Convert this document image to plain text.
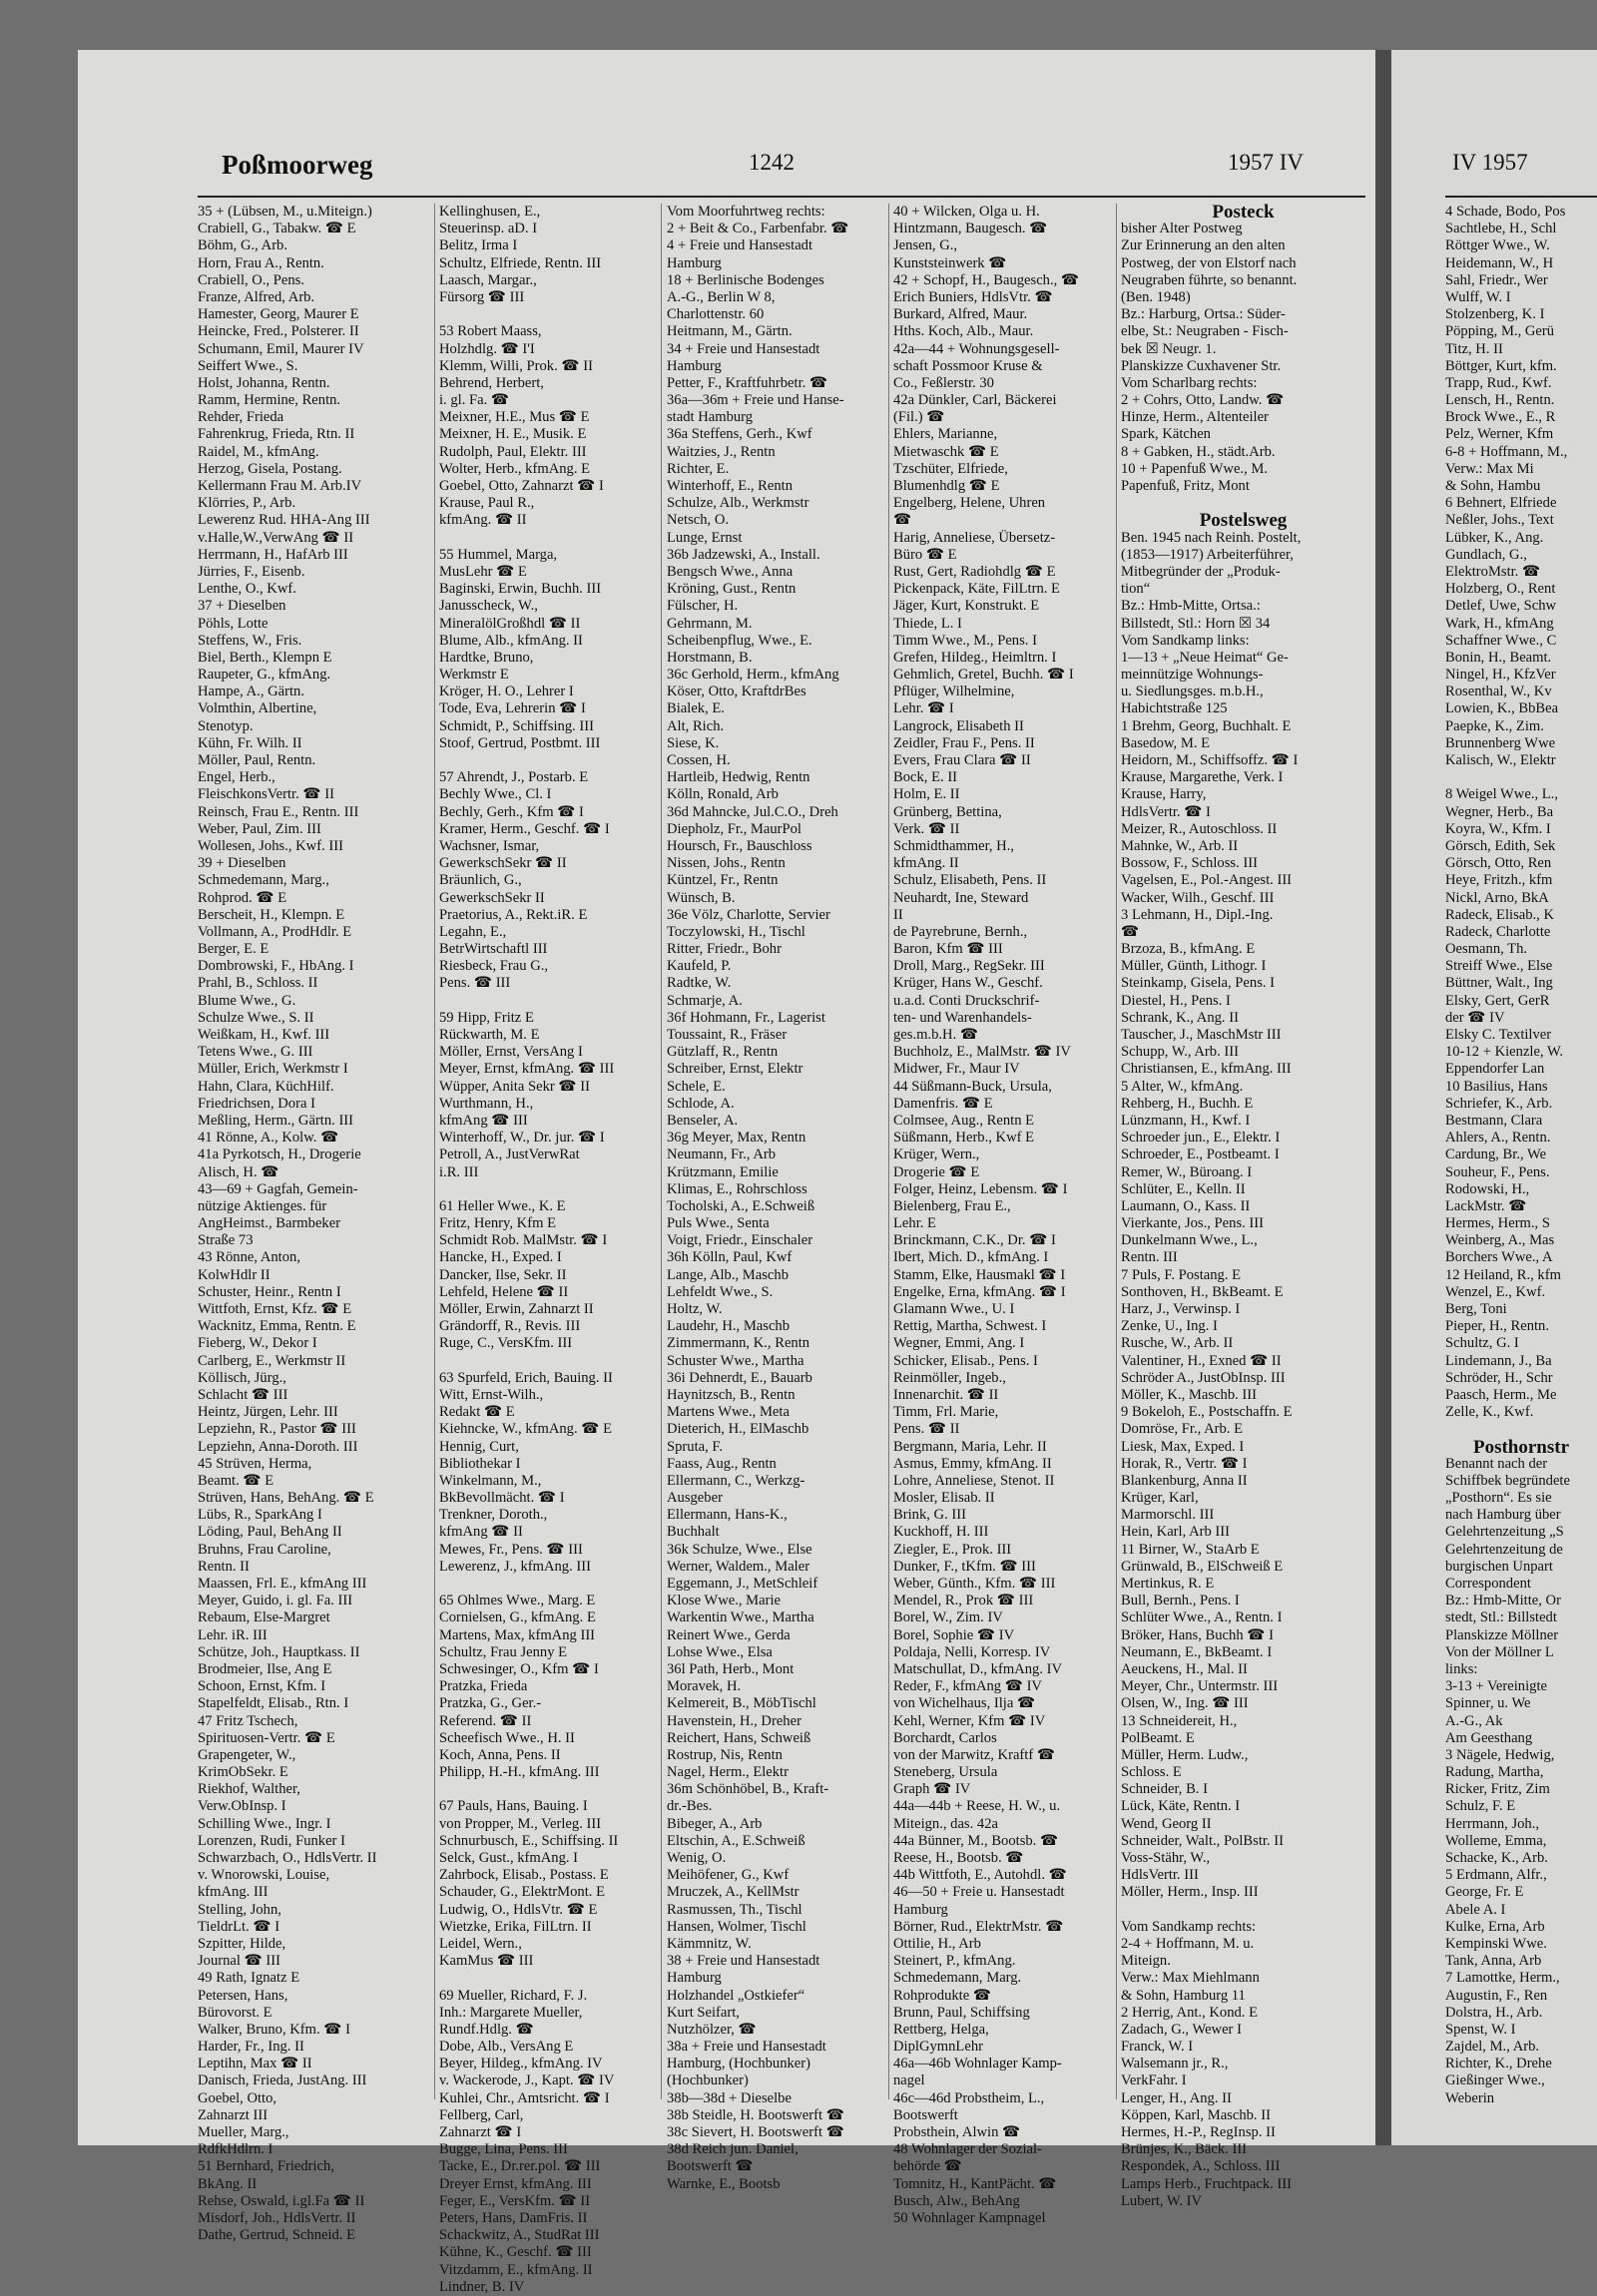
Poßmoorweg	1242	1957 IV	IV 1957
35 + (Lübsen, M., u.Miteign.)
Crabiell, G., Tabakw. ☎ E
Böhm, G., Arb.
Horn, Frau A., Rentn.
Crabiell, O., Pens.
Franze, Alfred, Arb.
Hamester, Georg, Maurer E
Heincke, Fred., Polsterer. II
Schumann, Emil, Maurer IV
Seiffert Wwe., S.
Holst, Johanna, Rentn.
Ramm, Hermine, Rentn.
Rehder, Frieda
Fahrenkrug, Frieda, Rtn. II
Raidel, M., kfmAng.
Herzog, Gisela, Postang.
Kellermann Frau M. Arb.IV
Klörries, P., Arb.
Lewerenz Rud. HHA-Ang III
v.Halle,W.,VerwAng ☎ II
Herrmann, H., HafArb III
Jürries, F., Eisenb.
Lenthe, O., Kwf.
37 + Dieselben
Pöhls, Lotte
Steffens, W., Fris.
Biel, Berth., Klempn E
Raupeter, G., kfmAng.
Hampe, A., Gärtn.
Volmthin, Albertine,
Stenotyp.
Kühn, Fr. Wilh. II
Möller, Paul, Rentn.
Engel, Herb.,
FleischkonsVertr. ☎ II
Reinsch, Frau E., Rentn. III
Weber, Paul, Zim. III
Wollesen, Johs., Kwf. III
39 + Dieselben
Schmedemann, Marg.,
Rohprod. ☎ E
Berscheit, H., Klempn. E
Vollmann, A., ProdHdlr. E
Berger, E. E
Dombrowski, F., HbAng. I
Prahl, B., Schloss. II
Blume Wwe., G.
Schulze Wwe., S. II
Weißkam, H., Kwf. III
Tetens Wwe., G. III
Müller, Erich, Werkmstr I
Hahn, Clara, KüchHilf.
Friedrichsen, Dora I
Meßling, Herm., Gärtn. III
41 Rönne, A., Kolw. ☎
41a Pyrkotsch, H., Drogerie
Alisch, H. ☎
43—69 + Gagfah, Gemein-
nützige Aktienges. für
AngHeimst., Barmbeker
Straße 73
43 Rönne, Anton,
KolwHdlr II
Schuster, Heinr., Rentn I
Wittfoth, Ernst, Kfz. ☎ E
Wacknitz, Emma, Rentn. E
Fieberg, W., Dekor I
Carlberg, E., Werkmstr II
Köllisch, Jürg.,
Schlacht ☎ III
Heintz, Jürgen, Lehr. III
Lepziehn, R., Pastor ☎ III
Lepziehn, Anna-Doroth. III
45 Strüven, Herma,
Beamt. ☎ E
Strüven, Hans, BehAng. ☎ E
Lübs, R., SparkAng I
Löding, Paul, BehAng II
Bruhns, Frau Caroline,
Rentn. II
Maassen, Frl. E., kfmAng III
Meyer, Guido, i. gl. Fa. III
Rebaum, Else-Margret
Lehr. iR. III
Schütze, Joh., Hauptkass. II
Brodmeier, Ilse, Ang E
Schoon, Ernst, Kfm. I
Stapelfeldt, Elisab., Rtn. I
47 Fritz Tschech,
Spirituosen-Vertr. ☎ E
Grapengeter, W.,
KrimObSekr. E
Riekhof, Walther,
Verw.ObInsp. I
Schilling Wwe., Ingr. I
Lorenzen, Rudi, Funker I
Schwarzbach, O., HdlsVertr. II
v. Wnorowski, Louise,
kfmAng. III
Stelling, John,
TieldrLt. ☎ I
Szpitter, Hilde,
Journal ☎ III
49 Rath, Ignatz E
Petersen, Hans,
Bürovorst. E
Walker, Bruno, Kfm. ☎ I
Harder, Fr., Ing. II
Leptihn, Max ☎ II
Danisch, Frieda, JustAng. III
Goebel, Otto,
Zahnarzt III
Mueller, Marg.,
RdfkHdlrn. I
51 Bernhard, Friedrich,
BkAng. II
Rehse, Oswald, i.gl.Fa ☎ II
Misdorf, Joh., HdlsVertr. II
Dathe, Gertrud, Schneid. E
Kellinghusen, E.,
Steuerinsp. aD. I
Belitz, Irma I
Schultz, Elfriede, Rentn. III
Laasch, Margar.,
Fürsorg ☎ III
53 Robert Maass,
Holzhdlg. ☎ I'I
Klemm, Willi, Prok. ☎ II
Behrend, Herbert,
i. gl. Fa. ☎
Meixner, H.E., Mus ☎ E
Meixner, H. E., Musik. E
Rudolph, Paul, Elektr. III
Wolter, Herb., kfmAng. E
Goebel, Otto, Zahnarzt ☎ I
Krause, Paul R.,
kfmAng. ☎ II
55 Hummel, Marga,
MusLehr ☎ E
Baginski, Erwin, Buchh. III
Janusscheck, W.,
MineralölGroßhdl ☎ II
Blume, Alb., kfmAng. II
Hardtke, Bruno,
Werkmstr E
Kröger, H. O., Lehrer I
Tode, Eva, Lehrerin ☎ I
Schmidt, P., Schiffsing. III
Stoof, Gertrud, Postbmt. III
57 Ahrendt, J., Postarb. E
Bechly Wwe., Cl. I
Bechly, Gerh., Kfm ☎ I
Kramer, Herm., Geschf. ☎ I
Wachsner, Ismar,
GewerkschSekr ☎ II
Bräunlich, G.,
GewerkschSekr II
Praetorius, A., Rekt.iR. E
Legahn, E.,
BetrWirtschaftl III
Riesbeck, Frau G.,
Pens. ☎ III
59 Hipp, Fritz E
Rückwarth, M. E
Möller, Ernst, VersAng I
Meyer, Ernst, kfmAng. ☎ III
Wüpper, Anita Sekr ☎ II
Wurthmann, H.,
kfmAng ☎ III
Winterhoff, W., Dr. jur. ☎ I
Petroll, A., JustVerwRat
i.R. III
61 Heller Wwe., K. E
Fritz, Henry, Kfm E
Schmidt Rob. MalMstr. ☎ I
Hancke, H., Exped. I
Dancker, Ilse, Sekr. II
Lehfeld, Helene ☎ II
Möller, Erwin, Zahnarzt II
Grändorff, R., Revis. III
Ruge, C., VersKfm. III
63 Spurfeld, Erich, Bauing. II
Witt, Ernst-Wilh.,
Redakt ☎ E
Kiehncke, W., kfmAng. ☎ E
Hennig, Curt,
Bibliothekar I
Winkelmann, M.,
BkBevollmächt. ☎ I
Trenkner, Doroth.,
kfmAng ☎ II
Mewes, Fr., Pens. ☎ III
Lewerenz, J., kfmAng. III
65 Ohlmes Wwe., Marg. E
Cornielsen, G., kfmAng. E
Martens, Max, kfmAng III
Schultz, Frau Jenny E
Schwesinger, O., Kfm ☎ I
Pratzka, Frieda
Pratzka, G., Ger.-
Referend. ☎ II
Scheefisch Wwe., H. II
Koch, Anna, Pens. II
Philipp, H.-H., kfmAng. III
67 Pauls, Hans, Bauing. I
von Propper, M., Verleg. III
Schnurbusch, E., Schiffsing. II
Selck, Gust., kfmAng. I
Zahrbock, Elisab., Postass. E
Schauder, G., ElektrMont. E
Ludwig, O., HdlsVtr. ☎ E
Wietzke, Erika, FilLtrn. II
Leidel, Wern.,
KamMus ☎ III
69 Mueller, Richard, F. J.
Inh.: Margarete Mueller,
Rundf.Hdlg. ☎
Dobe, Alb., VersAng E
Beyer, Hildeg., kfmAng. IV
v. Wackerode, J., Kapt. ☎ IV
Kuhlei, Chr., Amtsricht. ☎ I
Fellberg, Carl,
Zahnarzt ☎ I
Bugge, Lina, Pens. III
Tacke, E., Dr.rer.pol. ☎ III
Dreyer Ernst, kfmAng. III
Feger, E., VersKfm. ☎ II
Peters, Hans, DamFris. II
Schackwitz, A., StudRat III
Kühne, K., Geschf. ☎ III
Vitzdamm, E., kfmAng. II
Lindner, B. IV
Vom Moorfuhrtweg rechts:
2 + Beit & Co., Farbenfabr. ☎
4 + Freie und Hansestadt
Hamburg
18 + Berlinische Bodenges
A.-G., Berlin W 8,
Charlottenstr. 60
Heitmann, M., Gärtn.
34 + Freie und Hansestadt
Hamburg
Petter, F., Kraftfuhrbetr. ☎
36a—36m + Freie und Hanse-
stadt Hamburg
36a Steffens, Gerh., Kwf
Waitzies, J., Rentn
Richter, E.
Winterhoff, E., Rentn
Schulze, Alb., Werkmstr
Netsch, O.
Lunge, Ernst
36b Jadzewski, A., Install.
Bengsch Wwe., Anna
Kröning, Gust., Rentn
Fülscher, H.
Gehrmann, M.
Scheibenpflug, Wwe., E.
Horstmann, B.
36c Gerhold, Herm., kfmAng
Köser, Otto, KraftdrBes
Bialek, E.
Alt, Rich.
Siese, K.
Cossen, H.
Hartleib, Hedwig, Rentn
Kölln, Ronald, Arb
36d Mahncke, Jul.C.O., Dreh
Diepholz, Fr., MaurPol
Hoursch, Fr., Bauschloss
Nissen, Johs., Rentn
Küntzel, Fr., Rentn
Wünsch, B.
36e Völz, Charlotte, Servier
Toczylowski, H., Tischl
Ritter, Friedr., Bohr
Kaufeld, P.
Radtke, W.
Schmarje, A.
36f Hohmann, Fr., Lagerist
Toussaint, R., Fräser
Gützlaff, R., Rentn
Schreiber, Ernst, Elektr
Schele, E.
Schlode, A.
Benseler, A.
36g Meyer, Max, Rentn
Neumann, Fr., Arb
Krützmann, Emilie
Klimas, E., Rohrschloss
Tocholski, A., E.Schweiß
Puls Wwe., Senta
Voigt, Friedr., Einschaler
36h Kölln, Paul, Kwf
Lange, Alb., Maschb
Lehfeldt Wwe., S.
Holtz, W.
Laudehr, H., Maschb
Zimmermann, K., Rentn
Schuster Wwe., Martha
36i Dehnerdt, E., Bauarb
Haynitzsch, B., Rentn
Martens Wwe., Meta
Dieterich, H., ElMaschb
Spruta, F.
Faass, Aug., Rentn
Ellermann, C., Werkzg-
Ausgeber
Ellermann, Hans-K.,
Buchhalt
36k Schulze, Wwe., Else
Werner, Waldem., Maler
Eggemann, J., MetSchleif
Klose Wwe., Marie
Warkentin Wwe., Martha
Reinert Wwe., Gerda
Lohse Wwe., Elsa
36l Path, Herb., Mont
Moravek, H.
Kelmereit, B., MöbTischl
Havenstein, H., Dreher
Reichert, Hans, Schweiß
Rostrup, Nis, Rentn
Nagel, Herm., Elektr
36m Schönhöbel, B., Kraft-
dr.-Bes.
Bibeger, A., Arb
Eltschin, A., E.Schweiß
Wenig, O.
Meihöfener, G., Kwf
Mruczek, A., KellMstr
Rasmussen, Th., Tischl
Hansen, Wolmer, Tischl
Kämmnitz, W.
38 + Freie und Hansestadt
Hamburg
Holzhandel „Ostkiefer“
Kurt Seifart,
Nutzhölzer, ☎
38a + Freie und Hansestadt
Hamburg, (Hochbunker)
(Hochbunker)
38b—38d + Dieselbe
38b Steidle, H. Bootswerft ☎
38c Sievert, H. Bootswerft ☎
38d Reich jun. Daniel,
Bootswerft ☎
Warnke, E., Bootsb
40 + Wilcken, Olga u. H.
Hintzmann, Baugesch. ☎
Jensen, G.,
Kunststeinwerk ☎
42 + Schopf, H., Baugesch., ☎
Erich Buniers, HdlsVtr. ☎
Burkard, Alfred, Maur.
Hths. Koch, Alb., Maur.
42a—44 + Wohnungsgesell-
schaft Possmoor Kruse &
Co., Feßlerstr. 30
42a Dünkler, Carl, Bäckerei
(Fil.) ☎
Ehlers, Marianne,
Mietwaschk ☎ E
Tzschüter, Elfriede,
Blumenhdlg ☎ E
Engelberg, Helene, Uhren
☎
Harig, Anneliese, Übersetz-
Büro ☎ E
Rust, Gert, Radiohdlg ☎ E
Pickenpack, Käte, FilLtrn. E
Jäger, Kurt, Konstrukt. E
Thiede, L. I
Timm Wwe., M., Pens. I
Grefen, Hildeg., Heimltrn. I
Gehmlich, Gretel, Buchh. ☎ I
Pflüger, Wilhelmine,
Lehr. ☎ I
Langrock, Elisabeth II
Zeidler, Frau F., Pens. II
Evers, Frau Clara ☎ II
Bock, E. II
Holm, E. II
Grünberg, Bettina,
Verk. ☎ II
Schmidthammer, H.,
kfmAng. II
Schulz, Elisabeth, Pens. II
Neuhardt, Ine, Steward
II
de Payrebrune, Bernh.,
Baron, Kfm ☎ III
Droll, Marg., RegSekr. III
Krüger, Hans W., Geschf.
u.a.d. Conti Druckschrif-
ten- und Warenhandels-
ges.m.b.H. ☎
Buchholz, E., MalMstr. ☎ IV
Midwer, Fr., Maur IV
44 Süßmann-Buck, Ursula,
Damenfris. ☎ E
Colmsee, Aug., Rentn E
Süßmann, Herb., Kwf E
Krüger, Wern.,
Drogerie ☎ E
Folger, Heinz, Lebensm. ☎ I
Bielenberg, Frau E.,
Lehr. E
Brinckmann, C.K., Dr. ☎ I
Ibert, Mich. D., kfmAng. I
Stamm, Elke, Hausmakl ☎ I
Engelke, Erna, kfmAng. ☎ I
Glamann Wwe., U. I
Rettig, Martha, Schwest. I
Wegner, Emmi, Ang. I
Schicker, Elisab., Pens. I
Reinmöller, Ingeb.,
Innenarchit. ☎ II
Timm, Frl. Marie,
Pens. ☎ II
Bergmann, Maria, Lehr. II
Asmus, Emmy, kfmAng. II
Lohre, Anneliese, Stenot. II
Mosler, Elisab. II
Brink, G. III
Kuckhoff, H. III
Ziegler, E., Prok. III
Dunker, F., tKfm. ☎ III
Weber, Günth., Kfm. ☎ III
Mendel, R., Prok ☎ III
Borel, W., Zim. IV
Borel, Sophie ☎ IV
Poldaja, Nelli, Korresp. IV
Matschullat, D., kfmAng. IV
Reder, F., kfmAng ☎ IV
von Wichelhaus, Ilja ☎
Kehl, Werner, Kfm ☎ IV
Borchardt, Carlos
von der Marwitz, Kraftf ☎
Steneberg, Ursula
Graph ☎ IV
44a—44b + Reese, H. W., u.
Miteign., das. 42a
44a Bünner, M., Bootsb. ☎
Reese, H., Bootsb. ☎
44b Wittfoth, E., Autohdl. ☎
46—50 + Freie u. Hansestadt
Hamburg
Börner, Rud., ElektrMstr. ☎
Ottilie, H., Arb
Steinert, P., kfmAng.
Schmedemann, Marg.
Rohprodukte ☎
Brunn, Paul, Schiffsing
Rettberg, Helga,
DiplGymnLehr
46a—46b Wohnlager Kamp-
nagel
46c—46d Probstheim, L.,
Bootswerft
Probsthein, Alwin ☎
48 Wohnlager der Sozial-
behörde ☎
Tomnitz, H., KantPächt. ☎
Busch, Alw., BehAng
50 Wohnlager Kampnagel
Posteck
bisher Alter Postweg
Zur Erinnerung an den alten
Postweg, der von Elstorf nach
Neugraben führte, so benannt.
(Ben. 1948)
Bz.: Harburg, Ortsa.: Süder-
elbe, St.: Neugraben - Fisch-
bek ☒ Neugr. 1.
Planskizze Cuxhavener Str.
Vom Scharlbarg rechts:
2 + Cohrs, Otto, Landw. ☎
Hinze, Herm., Altenteiler
Spark, Kätchen
8 + Gabken, H., städt.Arb.
10 + Papenfuß Wwe., M.
Papenfuß, Fritz, Mont
Postelsweg
Ben. 1945 nach Reinh. Postelt,
(1853—1917) Arbeiterführer,
Mitbegründer der „Produk-
tion“
Bz.: Hmb-Mitte, Ortsa.:
Billstedt, Stl.: Horn ☒ 34
Vom Sandkamp links:
1—13 + „Neue Heimat“ Ge-
meinnützige Wohnungs-
u. Siedlungsges. m.b.H.,
Habichtstraße 125
1 Brehm, Georg, Buchhalt. E
Basedow, M. E
Heidorn, M., Schiffsoffz. ☎ I
Krause, Margarethe, Verk. I
Krause, Harry,
HdlsVertr. ☎ I
Meizer, R., Autoschloss. II
Mahnke, W., Arb. II
Bossow, F., Schloss. III
Vagelsen, E., Pol.-Angest. III
Wacker, Wilh., Geschf. III
3 Lehmann, H., Dipl.-Ing.
☎
Brzoza, B., kfmAng. E
Müller, Günth, Lithogr. I
Steinkamp, Gisela, Pens. I
Diestel, H., Pens. I
Schrank, K., Ang. II
Tauscher, J., MaschMstr III
Schupp, W., Arb. III
Christiansen, E., kfmAng. III
5 Alter, W., kfmAng.
Rehberg, H., Buchh. E
Lünzmann, H., Kwf. I
Schroeder jun., E., Elektr. I
Schroeder, E., Postbeamt. I
Remer, W., Büroang. I
Schlüter, E., Kelln. II
Laumann, O., Kass. II
Vierkante, Jos., Pens. III
Dunkelmann Wwe., L.,
Rentn. III
7 Puls, F. Postang. E
Sonthoven, H., BkBeamt. E
Harz, J., Verwinsp. I
Zenke, U., Ing. I
Rusche, W., Arb. II
Valentiner, H., Exned ☎ II
Schröder A., JustObInsp. III
Möller, K., Maschb. III
9 Bokeloh, E., Postschaffn. E
Domröse, Fr., Arb. E
Liesk, Max, Exped. I
Horak, R., Vertr. ☎ I
Blankenburg, Anna II
Krüger, Karl,
Marmorschl. III
Hein, Karl, Arb III
11 Birner, W., StaArb E
Grünwald, B., ElSchweiß E
Mertinkus, R. E
Bull, Bernh., Pens. I
Schlüter Wwe., A., Rentn. I
Bröker, Hans, Buchh ☎ I
Neumann, E., BkBeamt. I
Aeuckens, H., Mal. II
Meyer, Chr., Untermstr. III
Olsen, W., Ing. ☎ III
13 Schneidereit, H.,
PolBeamt. E
Müller, Herm. Ludw.,
Schloss. E
Schneider, B. I
Lück, Käte, Rentn. I
Wend, Georg II
Schneider, Walt., PolBstr. II
Voss-Stähr, W.,
HdlsVertr. III
Möller, Herm., Insp. III
Vom Sandkamp rechts:
2-4 + Hoffmann, M. u.
Miteign.
Verw.: Max Miehlmann
& Sohn, Hamburg 11
2 Herrig, Ant., Kond. E
Zadach, G., Wewer I
Franck, W. I
Walsemann jr., R.,
VerkFahr. I
Lenger, H., Ang. II
Köppen, Karl, Maschb. II
Hermes, H.-P., RegInsp. II
Brünjes, K., Bäck. III
Respondek, A., Schloss. III
Lamps Herb., Fruchtpack. III
Lubert, W. IV
4 Schade, Bodo, Pos
Sachtlebe, H., Schl
Röttger Wwe., W.
Heidemann, W., H
Sahl, Friedr., Wer
Wulff, W. I
Stolzenberg, K. I
Pöpping, M., Gerü
Titz, H. II
Böttger, Kurt, kfm.
Trapp, Rud., Kwf.
Lensch, H., Rentn.
Brock Wwe., E., R
Pelz, Werner, Kfm
6-8 + Hoffmann, M.,
Verw.: Max Mi
& Sohn, Hambu
6 Behnert, Elfriede
Neßler, Johs., Text
Lübker, K., Ang.
Gundlach, G.,
ElektroMstr. ☎
Holzberg, O., Rent
Detlef, Uwe, Schw
Wark, H., kfmAng
Schaffner Wwe., C
Bonin, H., Beamt.
Ningel, H., KfzVer
Rosenthal, W., Kv
Lowien, K., BbBea
Paepke, K., Zim.
Brunnenberg Wwe
Kalisch, W., Elektr
8 Weigel Wwe., L.,
Wegner, Herb., Ba
Koyra, W., Kfm. I
Görsch, Edith, Sek
Görsch, Otto, Ren
Heye, Fritzh., kfm
Nickl, Arno, BkA
Radeck, Elisab., K
Radeck, Charlotte
Oesmann, Th.
Streiff Wwe., Else
Büttner, Walt., Ing
Elsky, Gert, GerR
der ☎ IV
Elsky C. Textilver
10-12 + Kienzle, W.
Eppendorfer Lan
10 Basilius, Hans
Schriefer, K., Arb.
Bestmann, Clara
Ahlers, A., Rentn.
Cardung, Br., We
Souheur, F., Pens.
Rodowski, H.,
LackMstr. ☎
Hermes, Herm., S
Weinberg, A., Mas
Borchers Wwe., A
12 Heiland, R., kfm
Wenzel, E., Kwf.
Berg, Toni
Pieper, H., Rentn.
Schultz, G. I
Lindemann, J., Ba
Schröder, H., Schr
Paasch, Herm., Me
Zelle, K., Kwf.
Posthornstr
Benannt nach der
Schiffbek begründete
„Posthorn“. Es sie
nach Hamburg über
Gelehrtenzeitung „S
Gelehrtenzeitung de
burgischen Unpart
Correspondent
Bz.: Hmb-Mitte, Or
stedt, Stl.: Billstedt
Planskizze Möllner
Von der Möllner L
links:
3-13 + Vereinigte
Spinner, u. We
A.-G., Ak
Am Geesthang
3 Nägele, Hedwig,
Radung, Martha,
Ricker, Fritz, Zim
Schulz, F. E
Herrmann, Joh.,
Wolleme, Emma,
Schacke, K., Arb.
5 Erdmann, Alfr.,
George, Fr. E
Abele A. I
Kulke, Erna, Arb
Kempinski Wwe.
Tank, Anna, Arb
7 Lamottke, Herm.,
Augustin, F., Ren
Dolstra, H., Arb.
Spenst, W. I
Zajdel, M., Arb.
Richter, K., Drehe
Gießinger Wwe.,
Weberin
